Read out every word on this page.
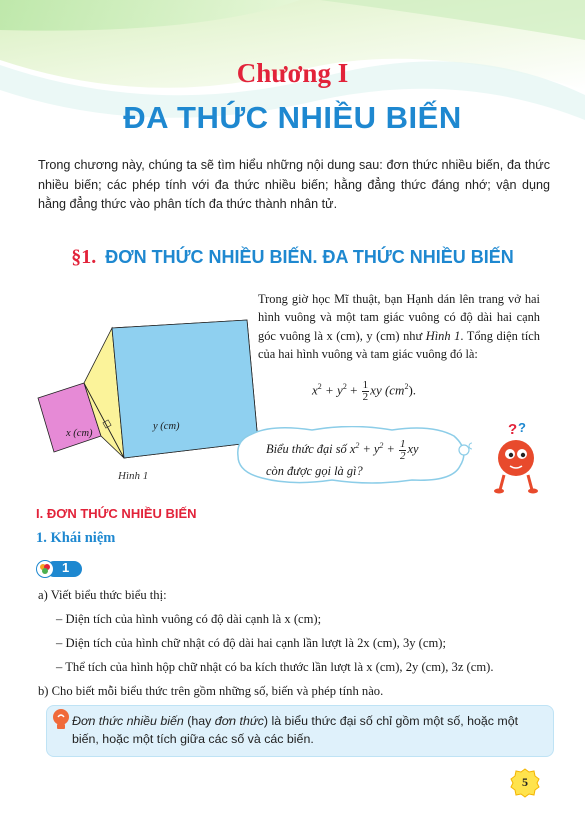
Chương I
ĐA THỨC NHIỀU BIẾN
Trong chương này, chúng ta sẽ tìm hiểu những nội dung sau: đơn thức nhiều biến, đa thức nhiều biến; các phép tính với đa thức nhiều biến; hằng đẳng thức đáng nhớ; vận dụng hằng đẳng thức vào phân tích đa thức thành nhân tử.
§1. ĐƠN THỨC NHIỀU BIẾN. ĐA THỨC NHIỀU BIẾN
x (cm)
y (cm)
Hình 1
Trong giờ học Mĩ thuật, bạn Hạnh dán lên trang vở hai hình vuông và một tam giác vuông có độ dài hai cạnh góc vuông là x (cm), y (cm) như Hình 1. Tổng diện tích của hai hình vuông và tam giác vuông đó là:
$x^2 + y^2 + \frac{1}{2}$ xy $(cm^2)$.
Biểu thức đại số $x^2 + y^2 + \frac{1}{2}$ xy
còn được gọi là gì?
? ?
I. ĐƠN THỨC NHIỀU BIẾN
1. Khái niệm
1
a) Viết biểu thức biểu thị:
– Diện tích của hình vuông có độ dài cạnh là x (cm);
– Diện tích của hình chữ nhật có độ dài hai cạnh lần lượt là 2x (cm), 3y (cm);
– Thể tích của hình hộp chữ nhật có ba kích thước lần lượt là x (cm), 2y (cm), 3z (cm).
b) Cho biết mỗi biểu thức trên gồm những số, biến và phép tính nào.
Đơn thức nhiều biến (hay đơn thức) là biểu thức đại số chỉ gồm một số, hoặc một biến, hoặc một tích giữa các số và các biến.
5
